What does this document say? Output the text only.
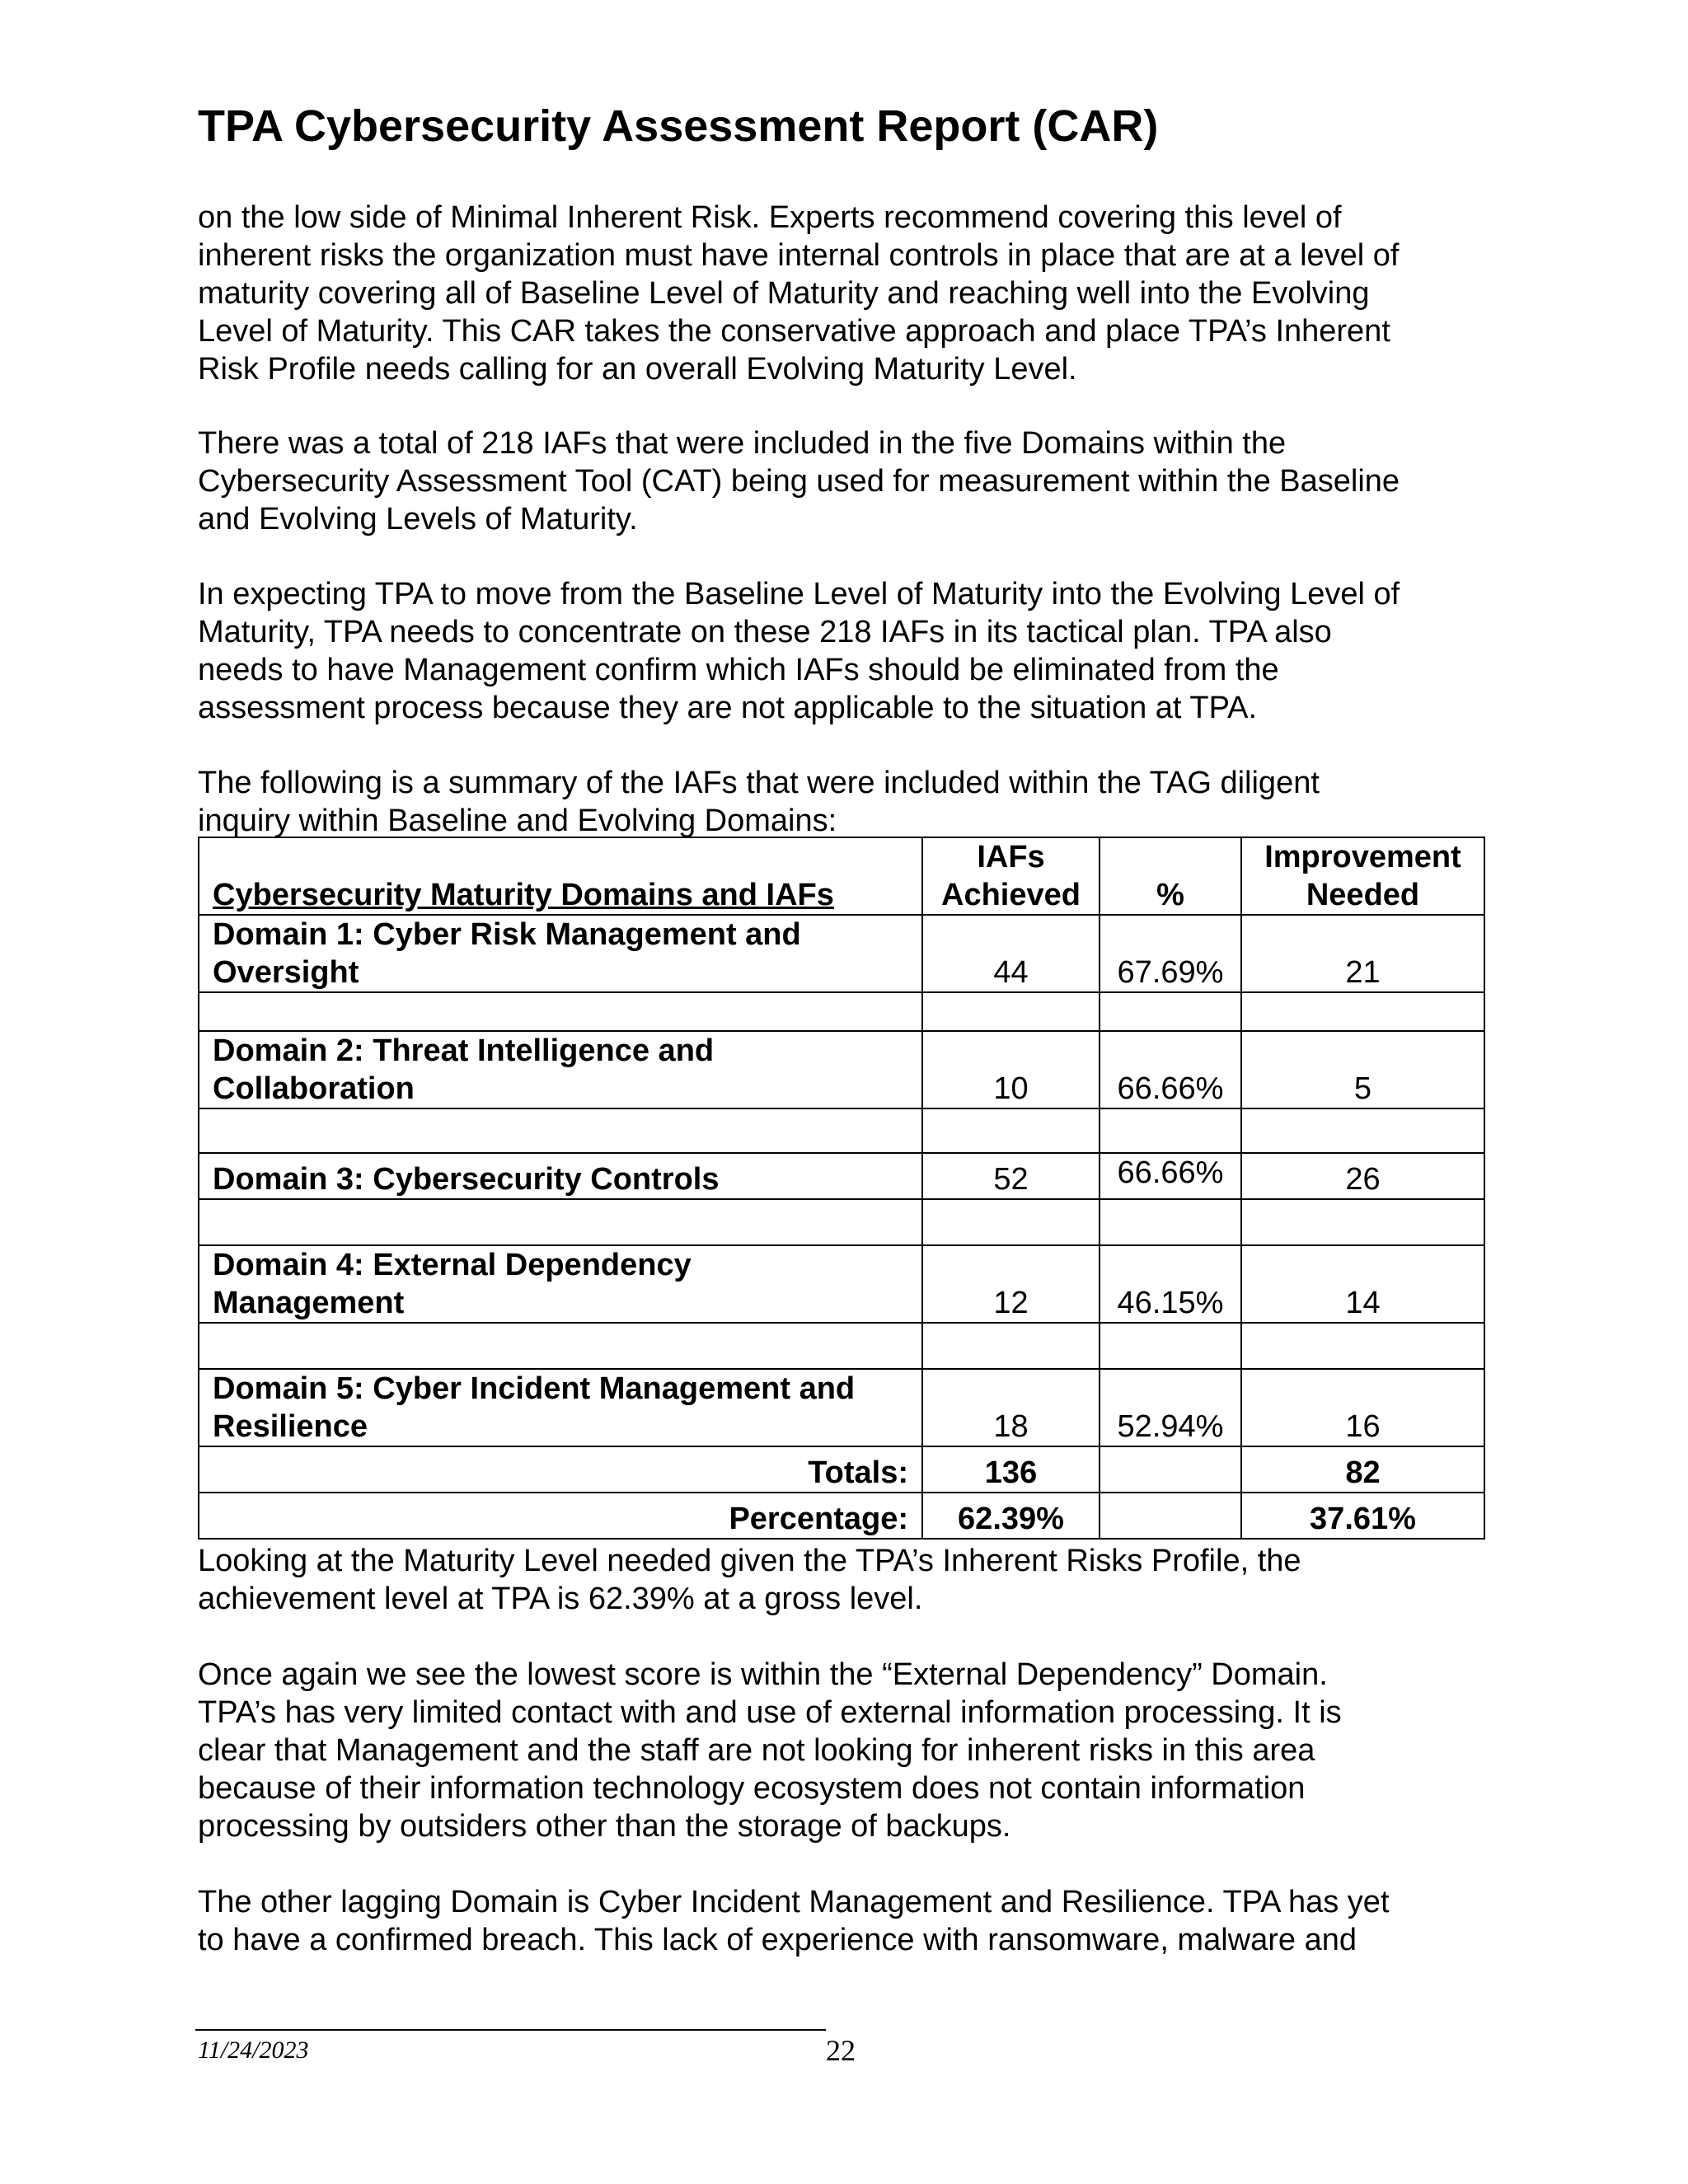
TPA Cybersecurity Assessment Report (CAR)

on the low side of Minimal Inherent Risk. Experts recommend covering this level of
inherent risks the organization must have internal controls in place that are at a level of
maturity covering all of Baseline Level of Maturity and reaching well into the Evolving
Level of Maturity. This CAR takes the conservative approach and place TPA’s Inherent
Risk Profile needs calling for an overall Evolving Maturity Level.

There was a total of 218 IAFs that were included in the five Domains within the
Cybersecurity Assessment Tool (CAT) being used for measurement within the Baseline
and Evolving Levels of Maturity.

In expecting TPA to move from the Baseline Level of Maturity into the Evolving Level of
Maturity, TPA needs to concentrate on these 218 IAFs in its tactical plan. TPA also
needs to have Management confirm which IAFs should be eliminated from the
assessment process because they are not applicable to the situation at TPA.

The following is a summary of the IAFs that were included within the TAG diligent
inquiry within Baseline and Evolving Domains:

Cybersecurity Maturity Domains and IAFs	IAFs
Achieved	%	Improvement
Needed
Domain 1: Cyber Risk Management and
Oversight	44	67.69%	21

Domain 2: Threat Intelligence and
Collaboration	10	66.66%	5

Domain 3: Cybersecurity Controls	52	66.66%	26

Domain 4: External Dependency
Management	12	46.15%	14

Domain 5: Cyber Incident Management and
Resilience	18	52.94%	16
Totals:	136		82
Percentage:	62.39%		37.61%

Looking at the Maturity Level needed given the TPA’s Inherent Risks Profile, the
achievement level at TPA is 62.39% at a gross level.

Once again we see the lowest score is within the “External Dependency” Domain.
TPA’s has very limited contact with and use of external information processing. It is
clear that Management and the staff are not looking for inherent risks in this area
because of their information technology ecosystem does not contain information
processing by outsiders other than the storage of backups.

The other lagging Domain is Cyber Incident Management and Resilience. TPA has yet
to have a confirmed breach. This lack of experience with ransomware, malware and

11/24/2023	22
